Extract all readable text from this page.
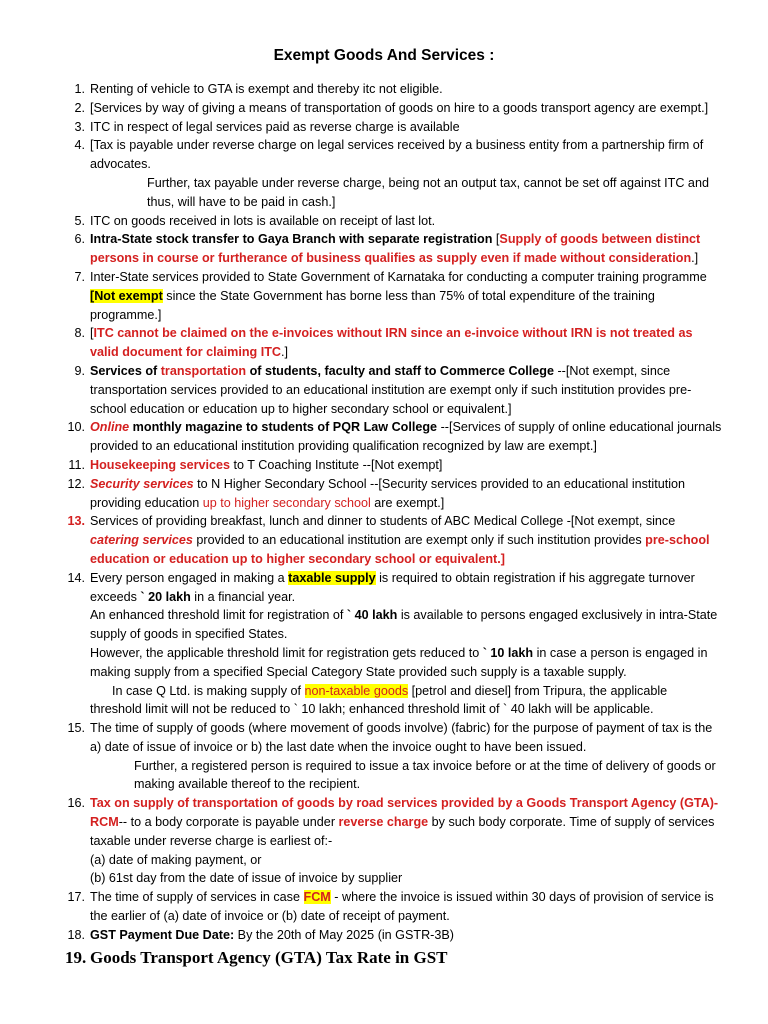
Exempt Goods And Services :
1. Renting of vehicle to GTA is exempt and thereby itc not eligible.
2. [Services by way of giving a means of transportation of goods on hire to a goods transport agency are exempt.]
3. ITC in respect of legal services paid as reverse charge is available
4. [Tax is payable under reverse charge on legal services received by a business entity from a partnership firm of advocates.
Further, tax payable under reverse charge, being not an output tax, cannot be set off against ITC and thus, will have to be paid in cash.]
5. ITC on goods received in lots is available on receipt of last lot.
6. Intra-State stock transfer to Gaya Branch with separate registration [Supply of goods between distinct persons in course or furtherance of business qualifies as supply even if made without consideration.]
7. Inter-State services provided to State Government of Karnataka for conducting a computer training programme [Not exempt since the State Government has borne less than 75% of total expenditure of the training programme.]
8. [ITC cannot be claimed on the e-invoices without IRN since an e-invoice without IRN is not treated as valid document for claiming ITC.]
9. Services of transportation of students, faculty and staff to Commerce College --[Not exempt, since transportation services provided to an educational institution are exempt only if such institution provides pre-school education or education up to higher secondary school or equivalent.]
10. Online monthly magazine to students of PQR Law College --[Services of supply of online educational journals provided to an educational institution providing qualification recognized by law are exempt.]
11. Housekeeping services to T Coaching Institute --[Not exempt]
12. Security services to N Higher Secondary School --[Security services provided to an educational institution providing education up to higher secondary school are exempt.]
13. Services of providing breakfast, lunch and dinner to students of ABC Medical College -[Not exempt, since catering services provided to an educational institution are exempt only if such institution provides pre-school education or education up to higher secondary school or equivalent.]
14. Every person engaged in making a taxable supply is required to obtain registration if his aggregate turnover exceeds ` 20 lakh in a financial year.
An enhanced threshold limit for registration of ` 40 lakh is available to persons engaged exclusively in intra-State supply of goods in specified States.
However, the applicable threshold limit for registration gets reduced to ` 10 lakh in case a person is engaged in making supply from a specified Special Category State provided such supply is a taxable supply.
In case Q Ltd. is making supply of non-taxable goods [petrol and diesel] from Tripura, the applicable threshold limit will not be reduced to ` 10 lakh; enhanced threshold limit of ` 40 lakh will be applicable.
15. The time of supply of goods (where movement of goods involve) (fabric) for the purpose of payment of tax is the a) date of issue of invoice or b) the last date when the invoice ought to have been issued.
Further, a registered person is required to issue a tax invoice before or at the time of delivery of goods or making available thereof to the recipient.
16. Tax on supply of transportation of goods by road services provided by a Goods Transport Agency (GTA)- RCM-- to a body corporate is payable under reverse charge by such body corporate. Time of supply of services taxable under reverse charge is earliest of:-
(a) date of making payment, or
(b) 61st day from the date of issue of invoice by supplier
17. The time of supply of services in case FCM - where the invoice is issued within 30 days of provision of service is the earlier of (a) date of invoice or (b) date of receipt of payment.
18. GST Payment Due Date: By the 20th of May 2025 (in GSTR-3B)
19. Goods Transport Agency (GTA) Tax Rate in GST
